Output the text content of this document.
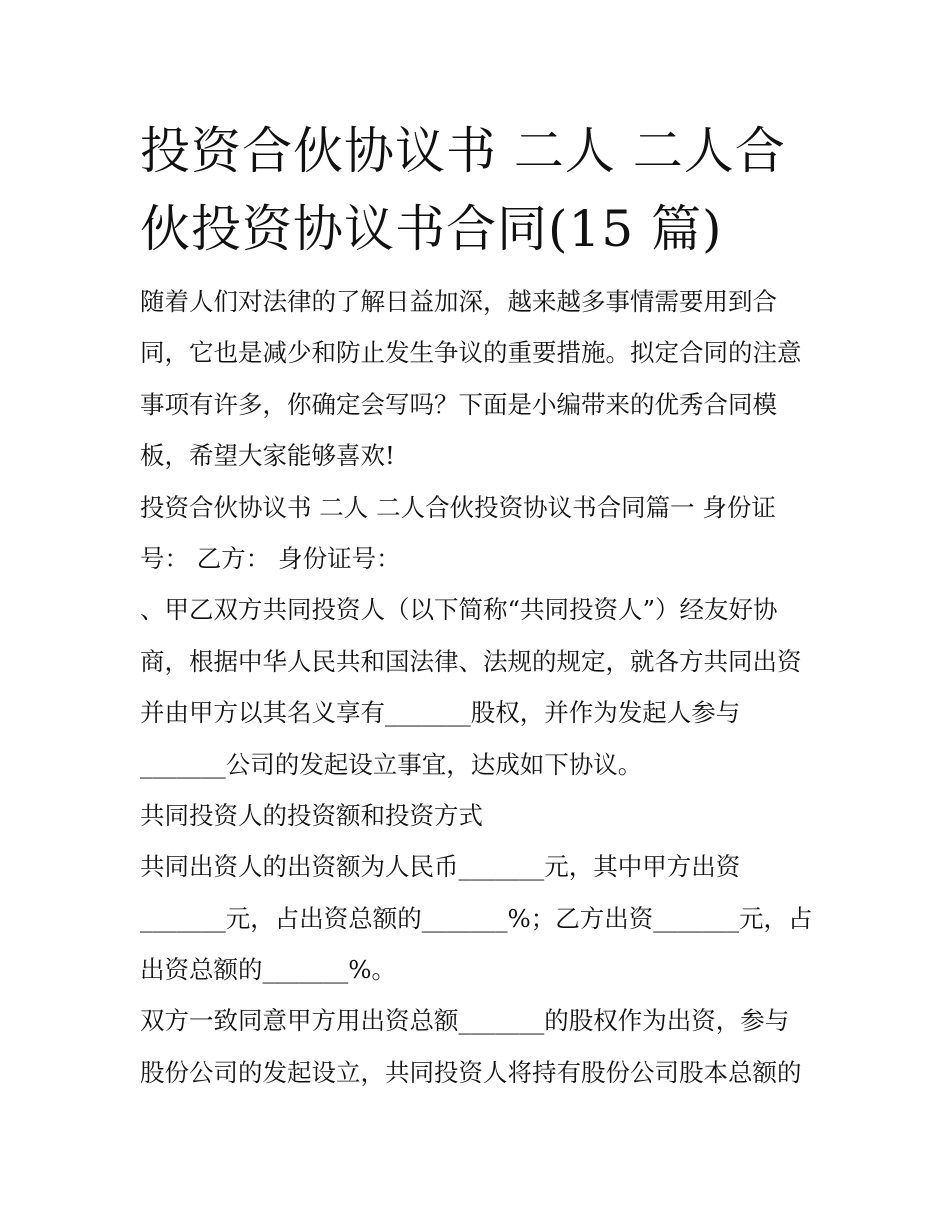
投资合伙协议书 二人 二人合
伙投资协议书合同(15 篇)
随着人们对法律的了解日益加深，越来越多事情需要用到合
同，它也是减少和防止发生争议的重要措施。拟定合同的注意
事项有许多，你确定会写吗？下面是小编带来的优秀合同模
板，希望大家能够喜欢!
投资合伙协议书 二人 二人合伙投资协议书合同篇一 身份证
号： 乙方： 身份证号：
、甲乙双方共同投资人（以下简称“共同投资人”）经友好协
商，根据中华人民共和国法律、法规的规定，就各方共同出资
并由甲方以其名义享有_______股权，并作为发起人参与
_______公司的发起设立事宜，达成如下协议。
共同投资人的投资额和投资方式
共同出资人的出资额为人民币_______元，其中甲方出资
_______元，占出资总额的_______%；乙方出资_______元，占
出资总额的_______%。
双方一致同意甲方用出资总额_______的股权作为出资，参与
股份公司的发起设立，共同投资人将持有股份公司股本总额的
